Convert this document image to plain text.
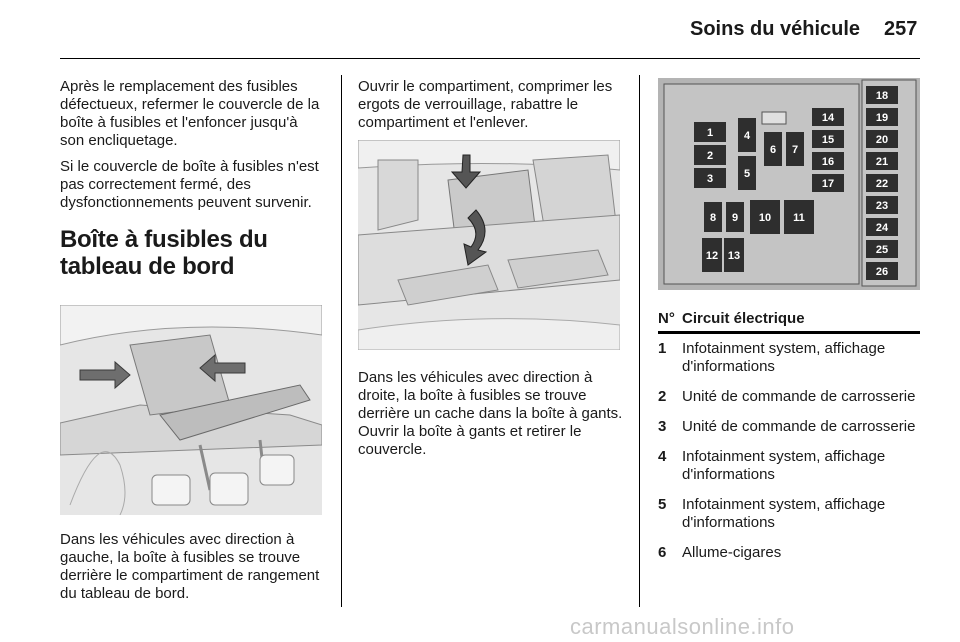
Soins du véhicule 257

Après le remplacement des fusibles défectueux, refermer le couvercle de la boîte à fusibles et l'enfoncer jusqu'à son encliquetage.

Si le couvercle de boîte à fusibles n'est pas correctement fermé, des dysfonctionnements peuvent survenir.

Boîte à fusibles du tableau de bord

Dans les véhicules avec direction à gauche, la boîte à fusibles se trouve derrière le compartiment de rangement du tableau de bord.

Ouvrir le compartiment, comprimer les ergots de verrouillage, rabattre le compartiment et l'enlever.

Dans les véhicules avec direction à droite, la boîte à fusibles se trouve derrière un cache dans la boîte à gants. Ouvrir la boîte à gants et retirer le couvercle.

1
2
3
4
5
6 7
8 9 10 11
12 13
14
15
16
17
18
19
20
21
22
23
24
25
26
N° Circuit électrique
1	Infotainment system, affichage d'informations
2	Unité de commande de carrosserie
3	Unité de commande de carrosserie
4	Infotainment system, affichage d'informations
5	Infotainment system, affichage d'informations
6	Allume-cigares
carmanualsonline.info
